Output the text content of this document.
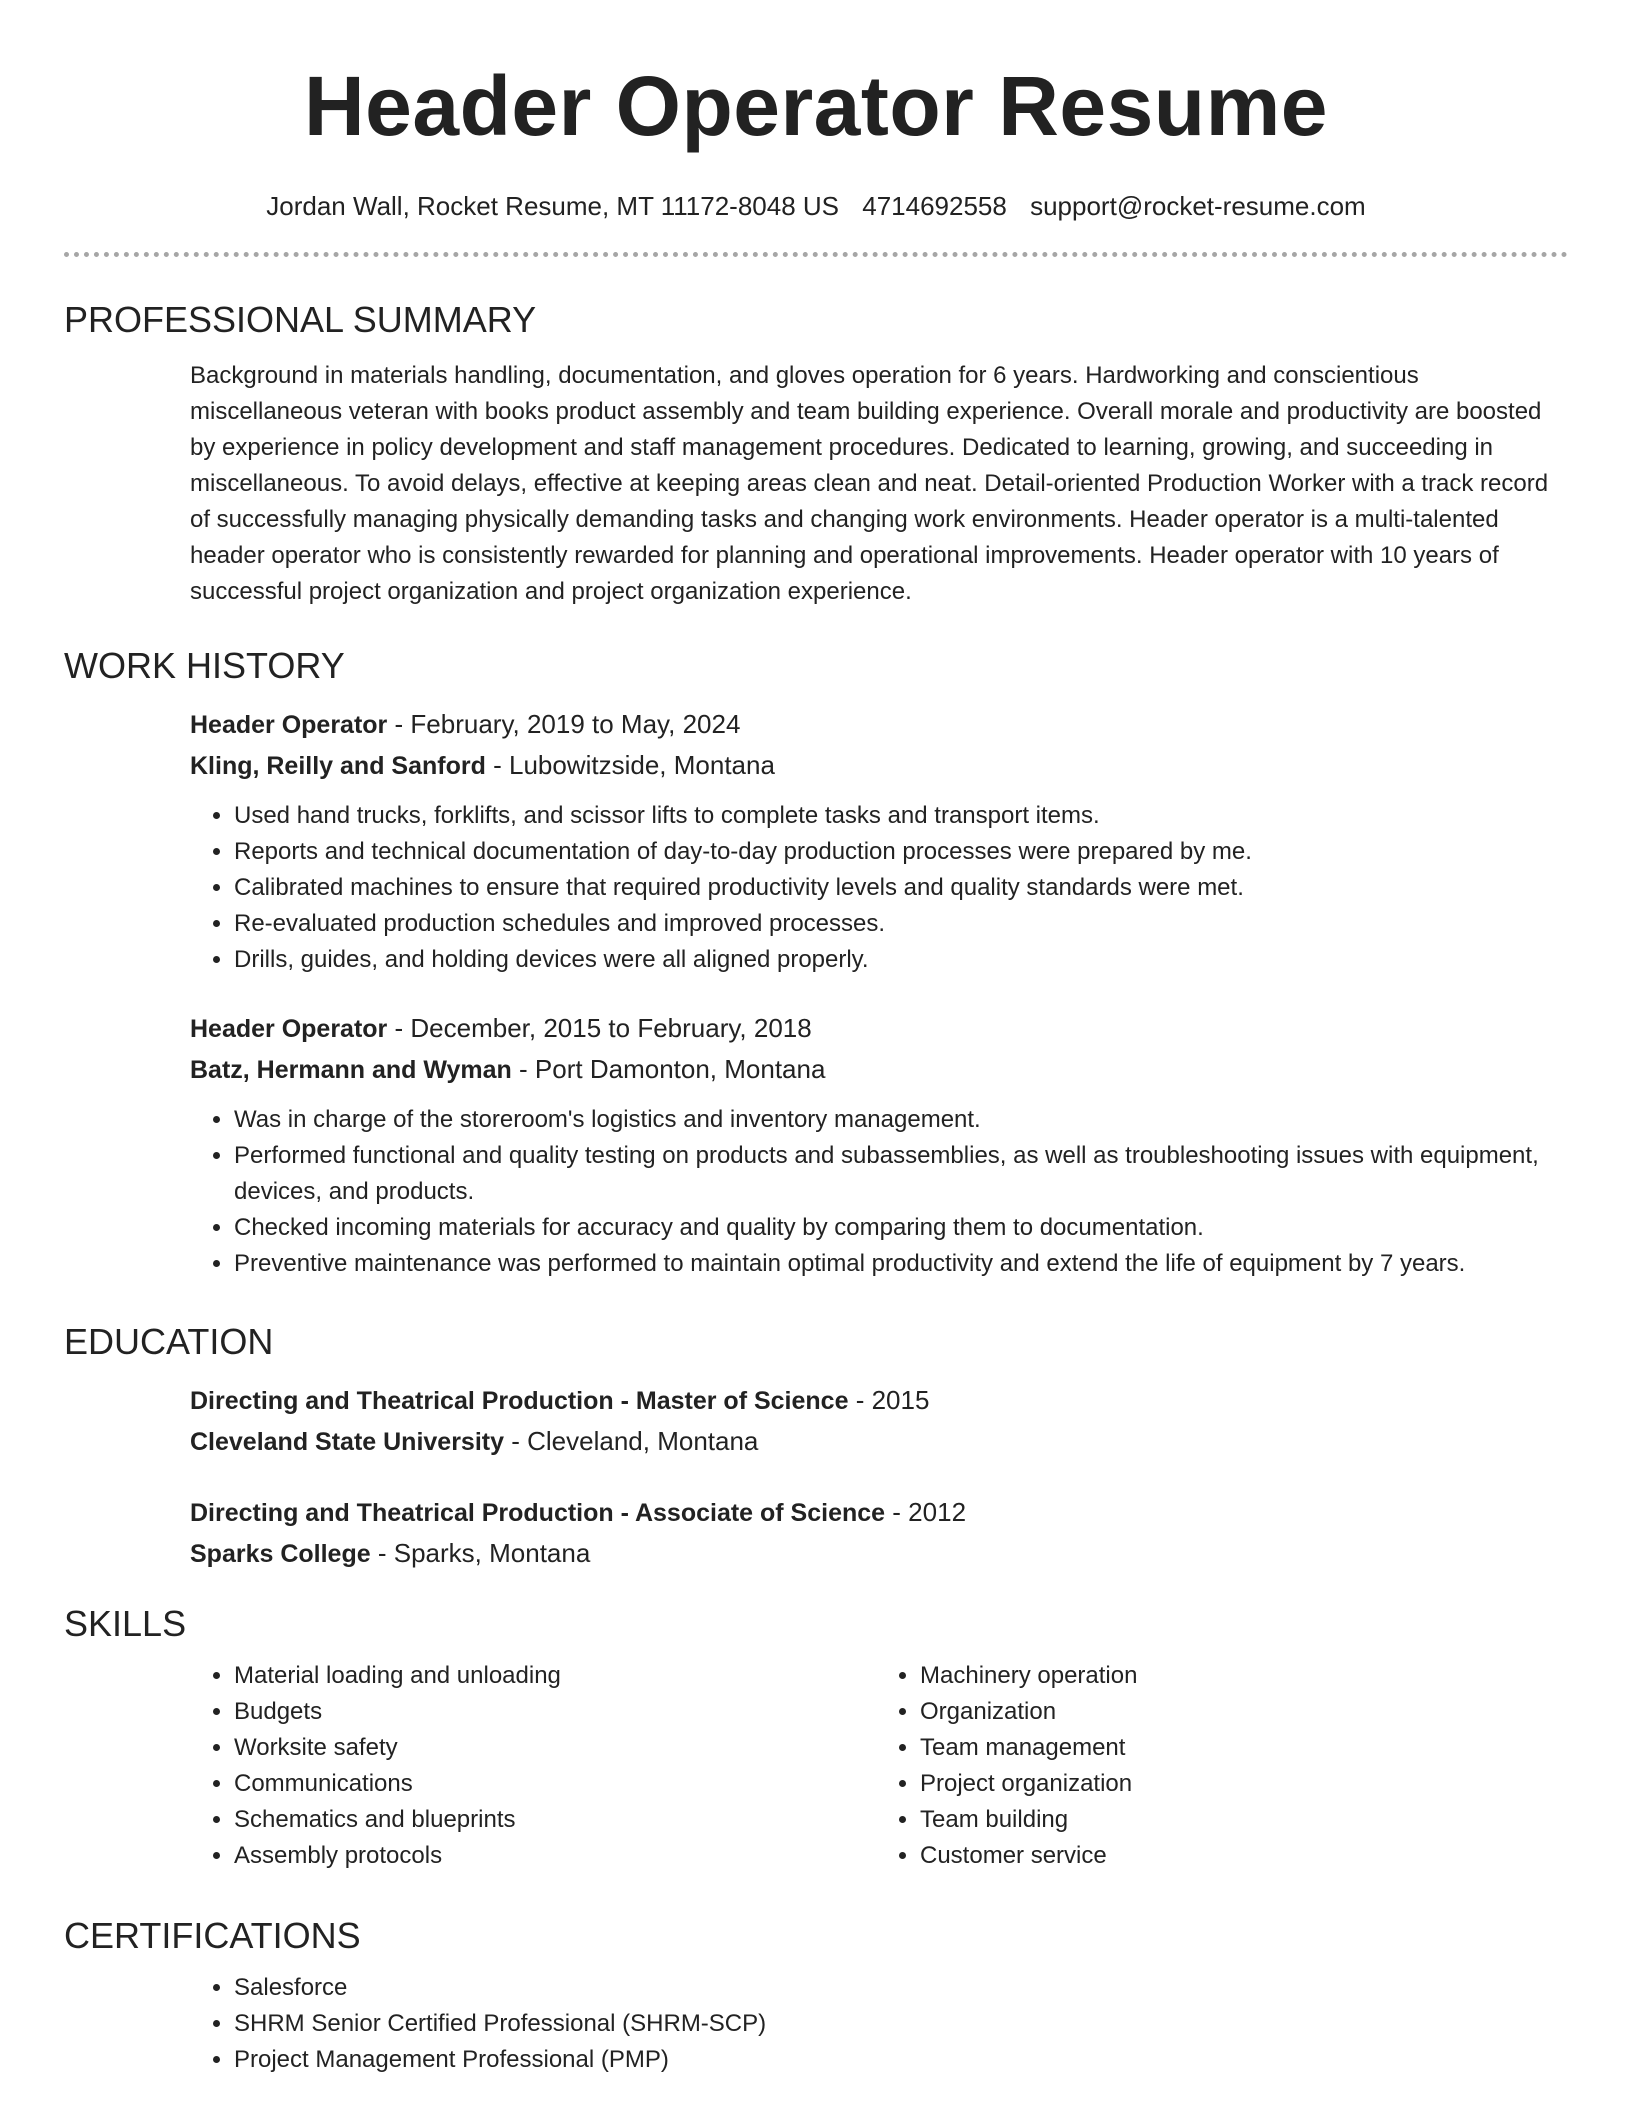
Header Operator Resume
Jordan Wall, Rocket Resume, MT 11172-8048 US 4714692558 support@rocket-resume.com
PROFESSIONAL SUMMARY

Background in materials handling, documentation, and gloves operation for 6 years. Hardworking and conscientious miscellaneous veteran with books product assembly and team building experience. Overall morale and productivity are boosted by experience in policy development and staff management procedures. Dedicated to learning, growing, and succeeding in miscellaneous. To avoid delays, effective at keeping areas clean and neat. Detail-oriented Production Worker with a track record of successfully managing physically demanding tasks and changing work environments. Header operator is a multi-talented header operator who is consistently rewarded for planning and operational improvements. Header operator with 10 years of successful project organization and project organization experience.

WORK HISTORY

Header Operator - February, 2019 to May, 2024

Kling, Reilly and Sanford - Lubowitzside, Montana

• Used hand trucks, forklifts, and scissor lifts to complete tasks and transport items.
• Reports and technical documentation of day-to-day production processes were prepared by me.
• Calibrated machines to ensure that required productivity levels and quality standards were met.
• Re-evaluated production schedules and improved processes.
• Drills, guides, and holding devices were all aligned properly.

Header Operator - December, 2015 to February, 2018

Batz, Hermann and Wyman - Port Damonton, Montana

• Was in charge of the storeroom's logistics and inventory management.
• Performed functional and quality testing on products and subassemblies, as well as troubleshooting issues with equipment, devices, and products.
• Checked incoming materials for accuracy and quality by comparing them to documentation.
• Preventive maintenance was performed to maintain optimal productivity and extend the life of equipment by 7 years.
EDUCATION

Directing and Theatrical Production - Master of Science - 2015

Cleveland State University - Cleveland, Montana

Directing and Theatrical Production - Associate of Science - 2012

Sparks College - Sparks, Montana

SKILLS
• Material loading and unloading
• Budgets
• Worksite safety
• Communications
• Schematics and blueprints
• Assembly protocols
• Machinery operation
• Organization
• Team management
• Project organization
• Team building
• Customer service
CERTIFICATIONS
• Salesforce
• SHRM Senior Certified Professional (SHRM-SCP)
• Project Management Professional (PMP)
